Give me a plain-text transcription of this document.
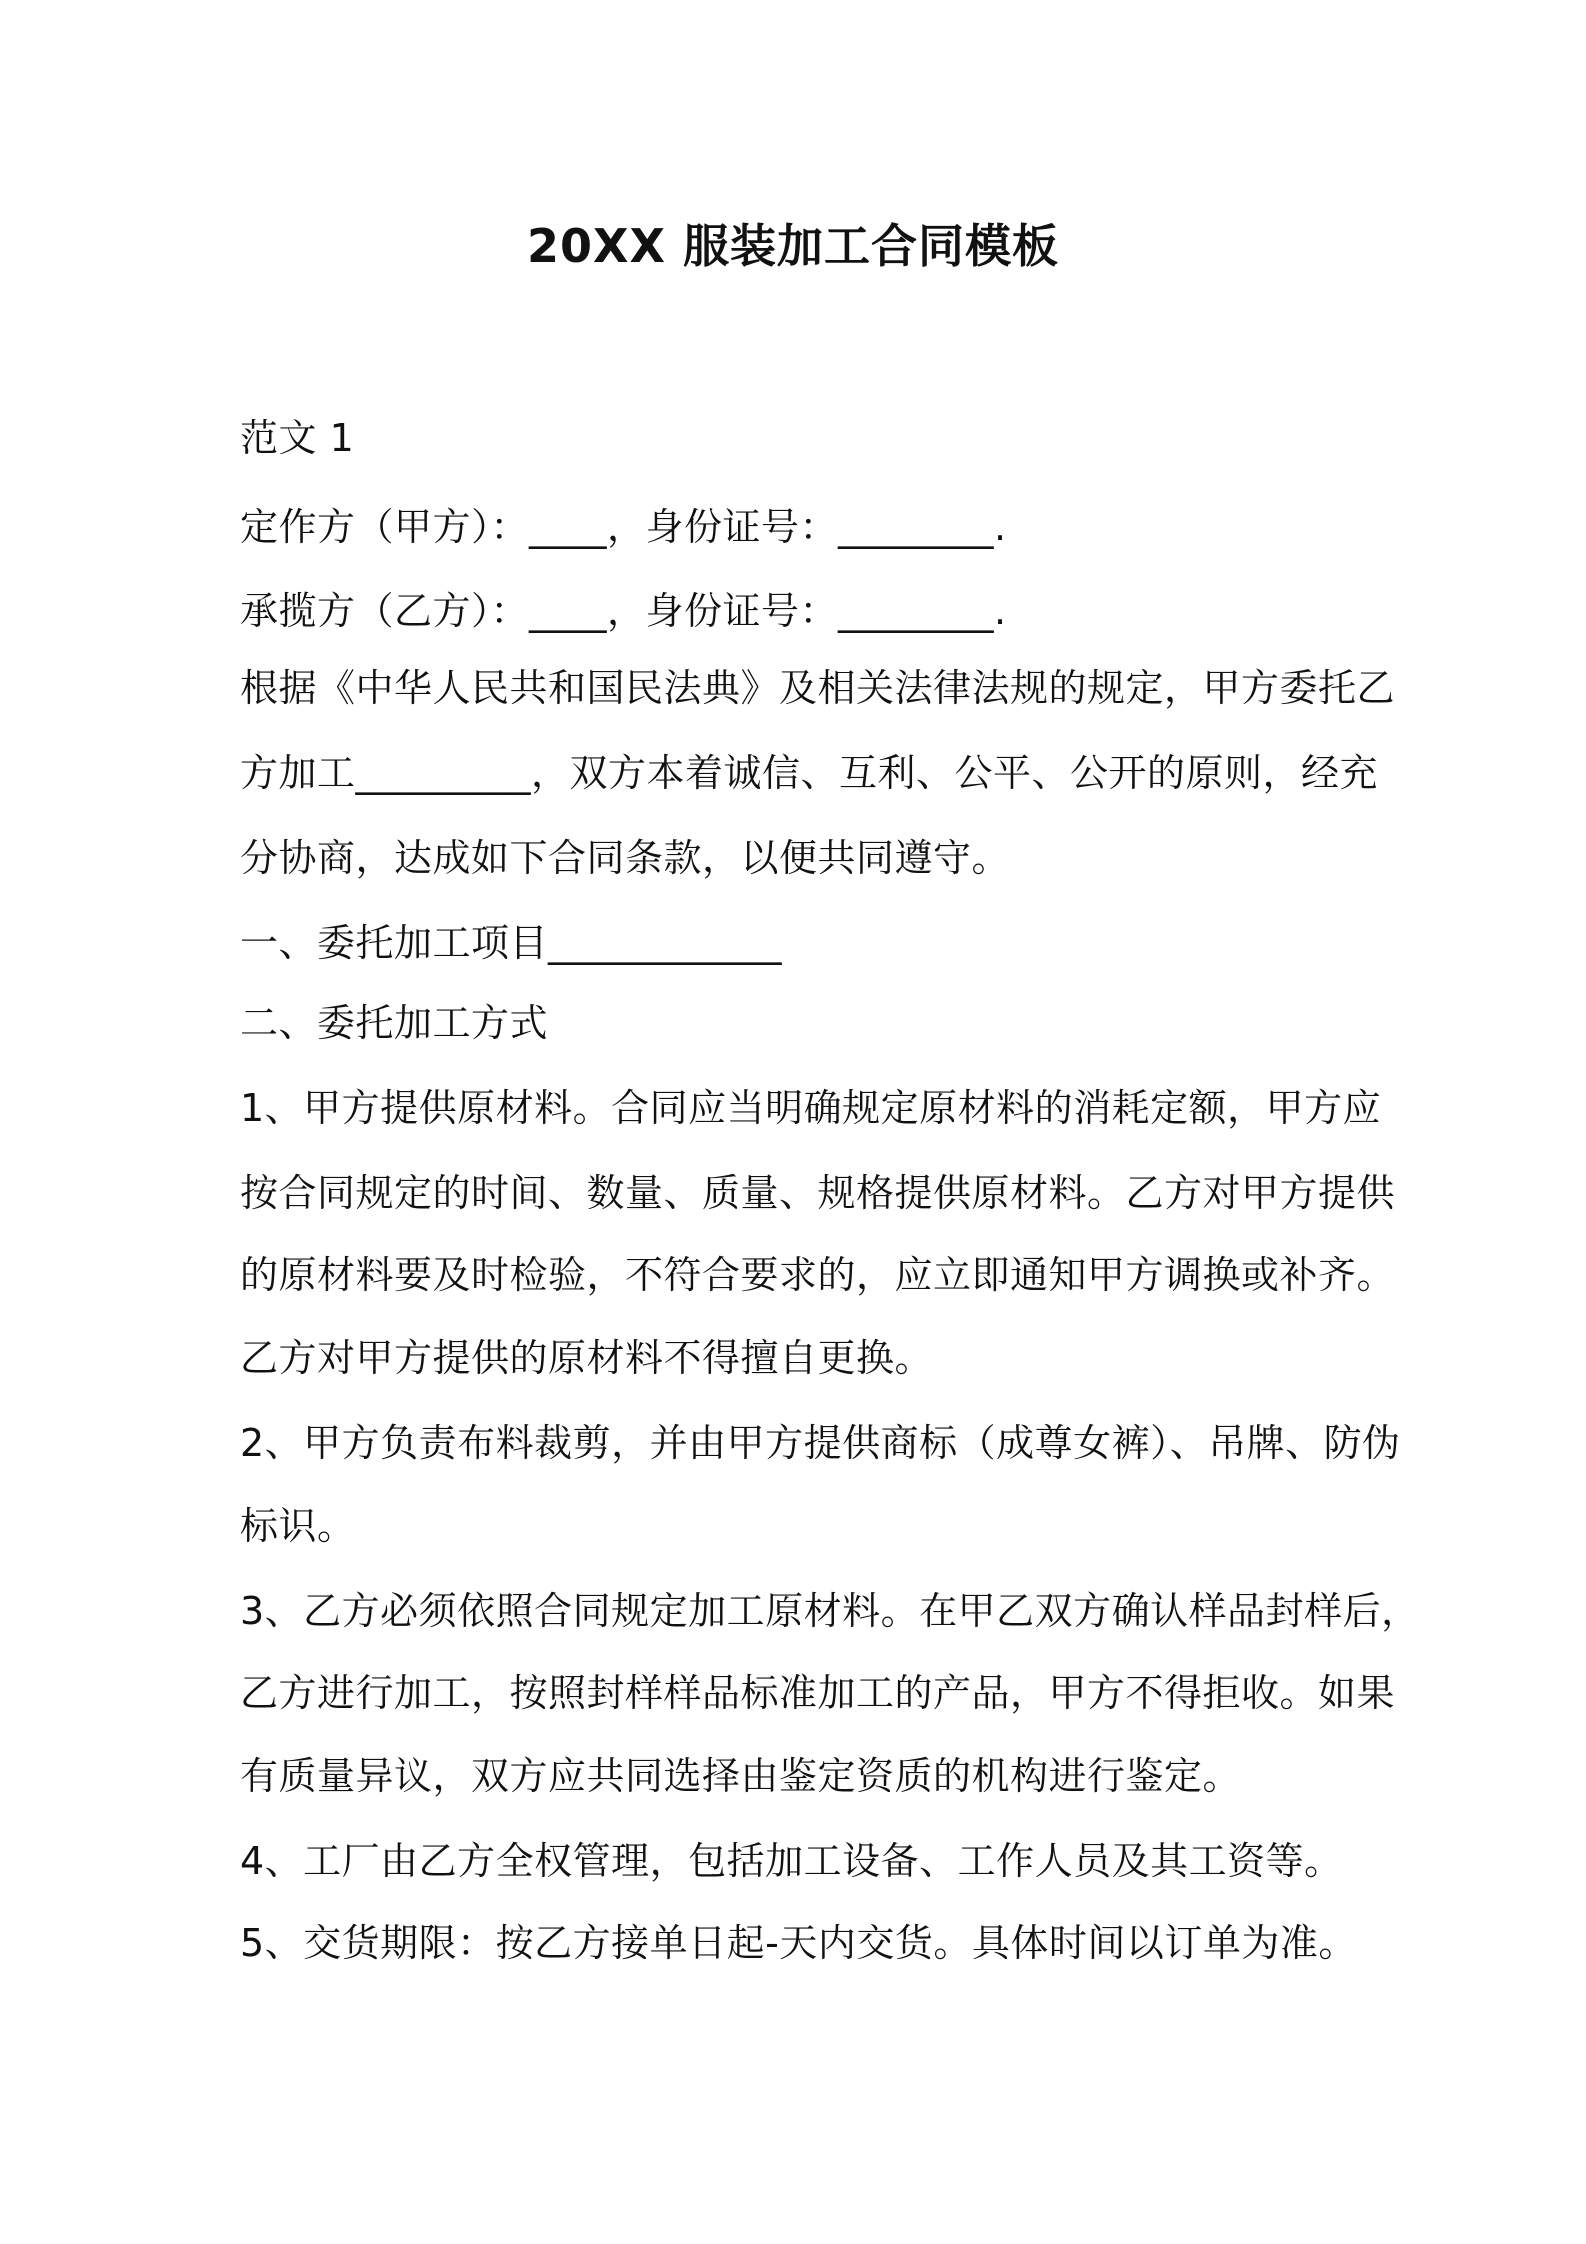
20XX 服装加工合同模板
范文 1
定作方（甲方）：____，身份证号：________.
承揽方（乙方）：____，身份证号：________.
根据《中华人民共和国民法典》及相关法律法规的规定，甲方委托乙
方加工_________，双方本着诚信、互利、公平、公开的原则，经充
分协商，达成如下合同条款，以便共同遵守。
一、委托加工项目____________
二、委托加工方式
1、甲方提供原材料。合同应当明确规定原材料的消耗定额，甲方应
按合同规定的时间、数量、质量、规格提供原材料。乙方对甲方提供
的原材料要及时检验，不符合要求的，应立即通知甲方调换或补齐。
乙方对甲方提供的原材料不得擅自更换。
2、甲方负责布料裁剪，并由甲方提供商标（成尊女裤）、吊牌、防伪
标识。
3、乙方必须依照合同规定加工原材料。在甲乙双方确认样品封样后，
乙方进行加工，按照封样样品标准加工的产品，甲方不得拒收。如果
有质量异议，双方应共同选择由鉴定资质的机构进行鉴定。
4、工厂由乙方全权管理，包括加工设备、工作人员及其工资等。
5、交货期限：按乙方接单日起-天内交货。具体时间以订单为准。
